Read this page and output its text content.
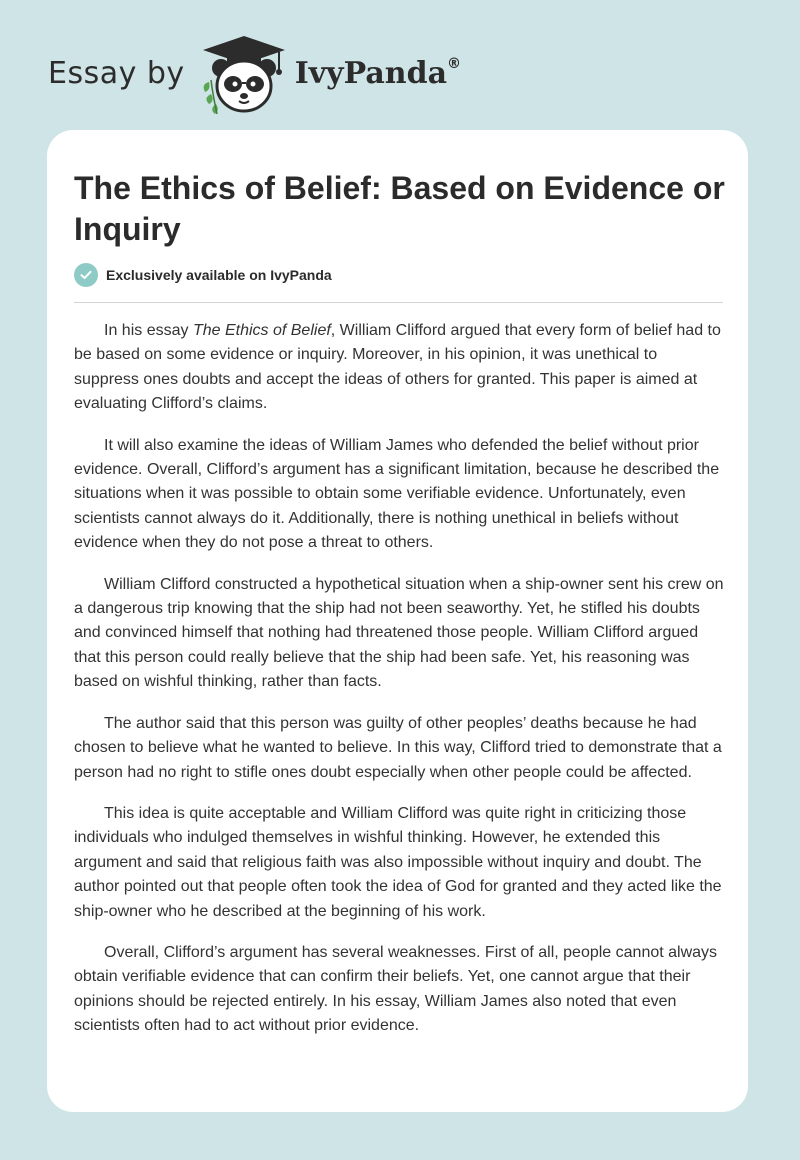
Essay by	IvyPanda®
The Ethics of Belief: Based on Evidence or Inquiry
Exclusively available on IvyPanda

In his essay The Ethics of Belief, William Clifford argued that every form of belief had to be based on some evidence or inquiry. Moreover, in his opinion, it was unethical to suppress ones doubts and accept the ideas of others for granted. This paper is aimed at evaluating Clifford’s claims.

It will also examine the ideas of William James who defended the belief without prior evidence. Overall, Clifford’s argument has a significant limitation, because he described the situations when it was possible to obtain some verifiable evidence. Unfortunately, even scientists cannot always do it. Additionally, there is nothing unethical in beliefs without evidence when they do not pose a threat to others.

William Clifford constructed a hypothetical situation when a ship-owner sent his crew on a dangerous trip knowing that the ship had not been seaworthy. Yet, he stifled his doubts and convinced himself that nothing had threatened those people. William Clifford argued that this person could really believe that the ship had been safe. Yet, his reasoning was based on wishful thinking, rather than facts.

The author said that this person was guilty of other peoples’ deaths because he had chosen to believe what he wanted to believe. In this way, Clifford tried to demonstrate that a person had no right to stifle ones doubt especially when other people could be affected.

This idea is quite acceptable and William Clifford was quite right in criticizing those individuals who indulged themselves in wishful thinking. However, he extended this argument and said that religious faith was also impossible without inquiry and doubt. The author pointed out that people often took the idea of God for granted and they acted like the ship-owner who he described at the beginning of his work.

Overall, Clifford’s argument has several weaknesses. First of all, people cannot always obtain verifiable evidence that can confirm their beliefs. Yet, one cannot argue that their opinions should be rejected entirely. In his essay, William James also noted that even scientists often had to act without prior evidence.
